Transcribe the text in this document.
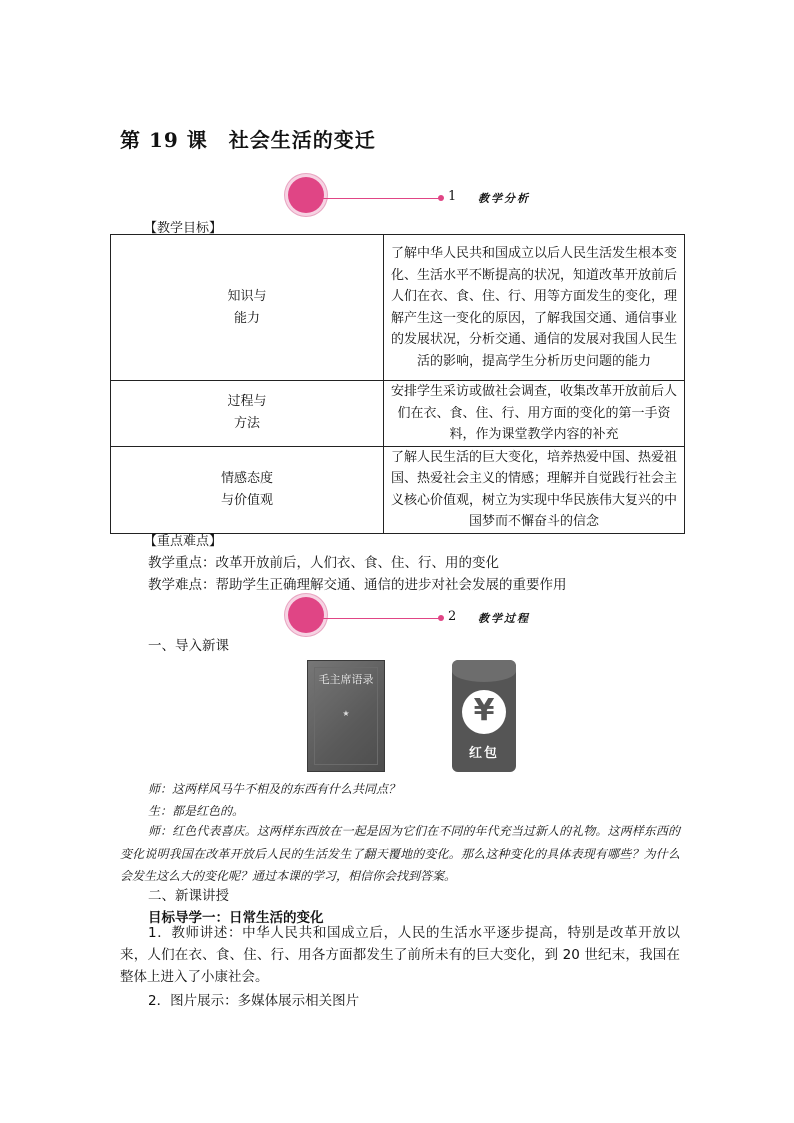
第 19 课　社会生活的变迁
1 教学分析
【教学目标】
知识与
能力	了解中华人民共和国成立以后人民生活发生根本变化、生活水平不断提高的状况，知道改革开放前后人们在衣、食、住、行、用等方面发生的变化，理解产生这一变化的原因，了解我国交通、通信事业的发展状况，分析交通、通信的发展对我国人民生活的影响，提高学生分析历史问题的能力

过程与
方法	安排学生采访或做社会调查，收集改革开放前后人们在衣、食、住、行、用方面的变化的第一手资料，作为课堂教学内容的补充

情感态度
与价值观	了解人民生活的巨大变化，培养热爱中国、热爱祖国、热爱社会主义的情感；理解并自觉践行社会主义核心价值观，树立为实现中华民族伟大复兴的中国梦而不懈奋斗的信念
【重点难点】
教学重点：改革开放前后，人们衣、食、住、行、用的变化
教学难点：帮助学生正确理解交通、通信的进步对社会发展的重要作用
2 教学过程
一、导入新课
毛主席语录
★	¥
红包
师：这两样风马牛不相及的东西有什么共同点？
生：都是红色的。
师：红色代表喜庆。这两样东西放在一起是因为它们在不同的年代充当过新人的礼物。这两样东西的变化说明我国在改革开放后人民的生活发生了翻天覆地的变化。那么这种变化的具体表现有哪些？为什么会发生这么大的变化呢？通过本课的学习，相信你会找到答案。
二、新课讲授
目标导学一：日常生活的变化
1．教师讲述：中华人民共和国成立后，人民的生活水平逐步提高，特别是改革开放以来，人们在衣、食、住、行、用各方面都发生了前所未有的巨大变化，到 20 世纪末，我国在整体上进入了小康社会。
2．图片展示：多媒体展示相关图片
